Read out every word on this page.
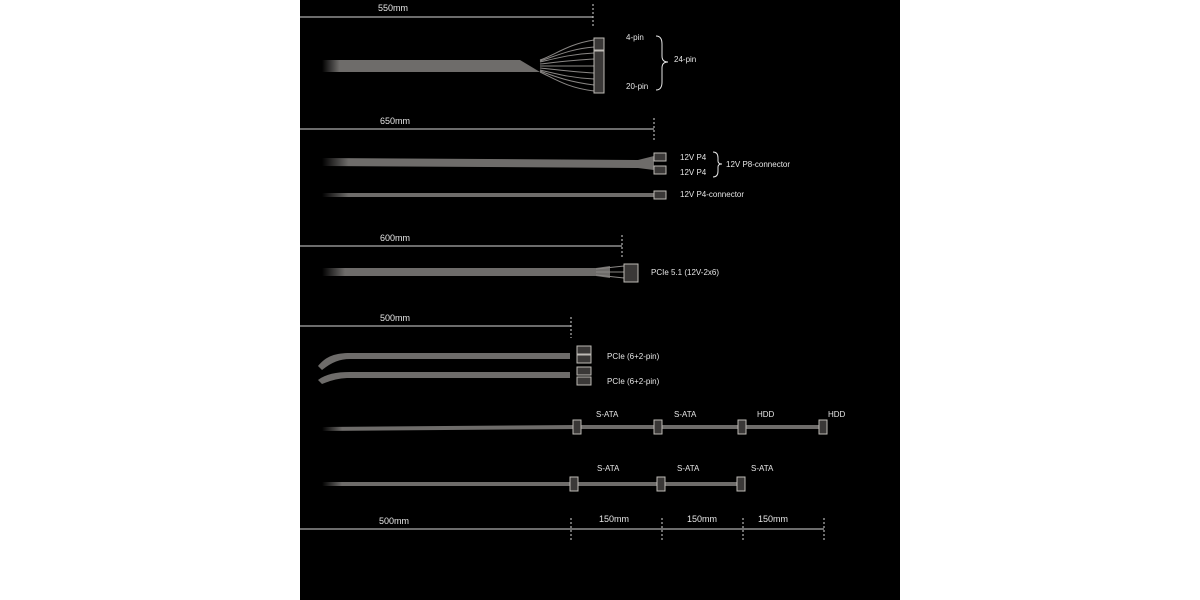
550mm
4-pin
20-pin
24-pin
650mm
12V P4
12V P4
12V P8-connector
12V P4-connector
600mm
PCIe 5.1 (12V-2x6)
500mm
PCIe (6+2-pin)
PCIe (6+2-pin)
S-ATA	S-ATA	HDD	HDD
S-ATA	S-ATA	S-ATA
500mm	150mm	150mm	150mm
